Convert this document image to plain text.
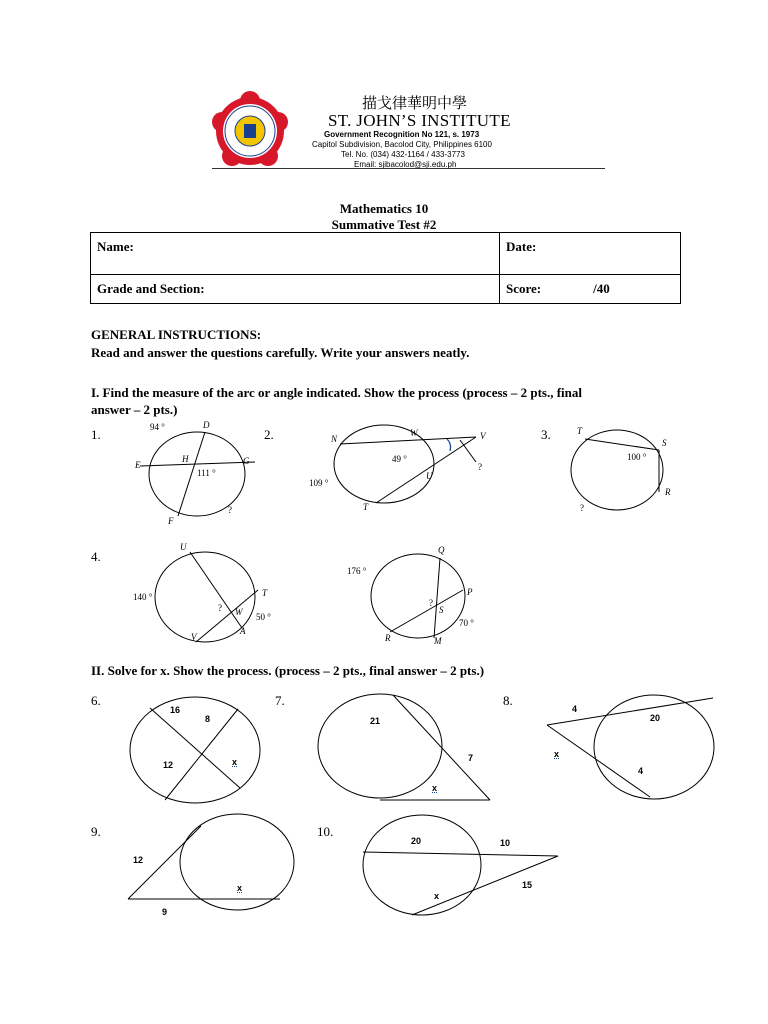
描戈律華明中學
ST. JOHN’S INSTITUTE
Government Recognition No 121, s. 1973
Capitol Subdivision, Bacolod City, Philippines 6100
Tel. No. (034) 432-1164 / 433-3773
Email: sjibacolod@sji.edu.ph
Mathematics 10
Summative Test #2
Name:	Date:
Grade and Section:	Score: /40
GENERAL INSTRUCTIONS:
Read and answer the questions carefully. Write your answers neatly.
I. Find the measure of the arc or angle indicated. Show the process (process – 2 pts., final
answer – 2 pts.)
1.	94 °	D
E
H	G
111 °
F
?
2.	N
W	V
49 °
U
?
109 °
T
3.	T
S
100 °
R
?
4.
U
T
140 °
? W 50 °
V
A
Q
176 °
P
?
S
70 °
R	M
II. Solve for x. Show the process. (process – 2 pts., final answer – 2 pts.)
6.
16
8
12	x
7.
21
7
x
8.
4
20
x
4
9.
12
x
9
10.
20	10
15
x
